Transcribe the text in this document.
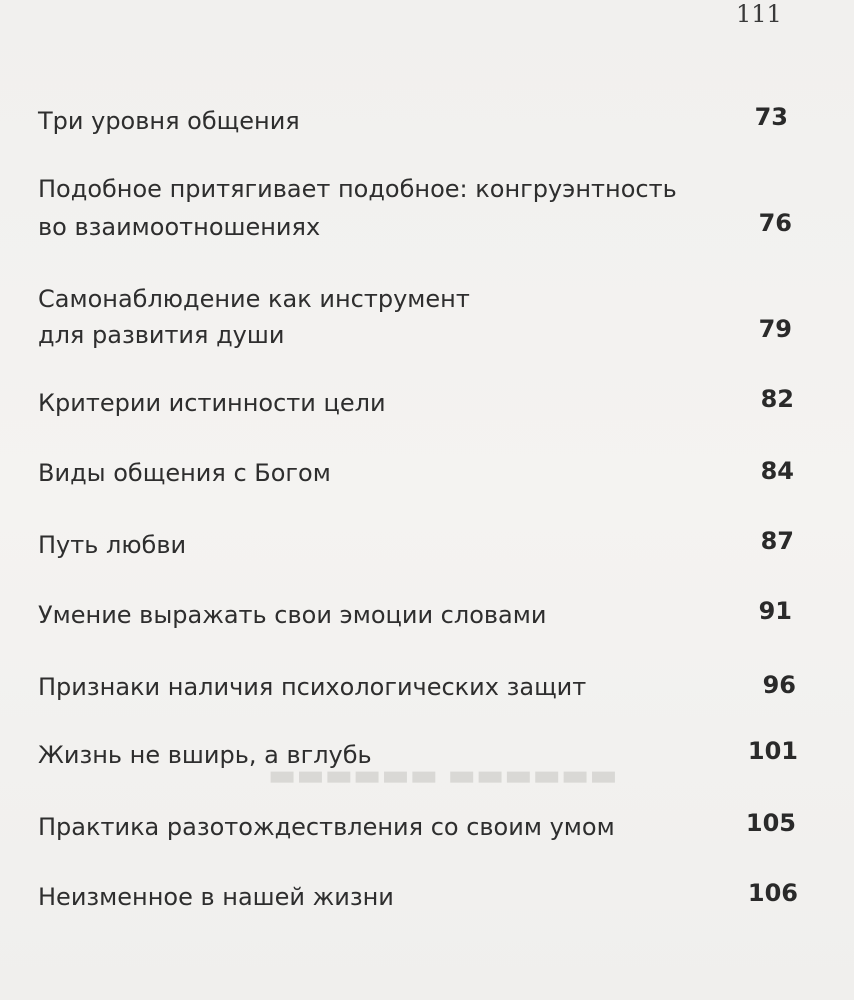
▬▬▬▬▬▬ ▬▬▬▬▬▬
111
Три уровня общения	73
Подобное притягивает подобное: конгруэнтность
во взаимоотношениях	76
Самонаблюдение как инструмент
для развития души	79
Критерии истинности цели	82
Виды общения с Богом	84
Путь любви	87
Умение выражать свои эмоции словами	91
Признаки наличия психологических защит	96
Жизнь не вширь, а вглубь	101
Практика разотождествления со своим умом	105
Неизменное в нашей жизни	106
